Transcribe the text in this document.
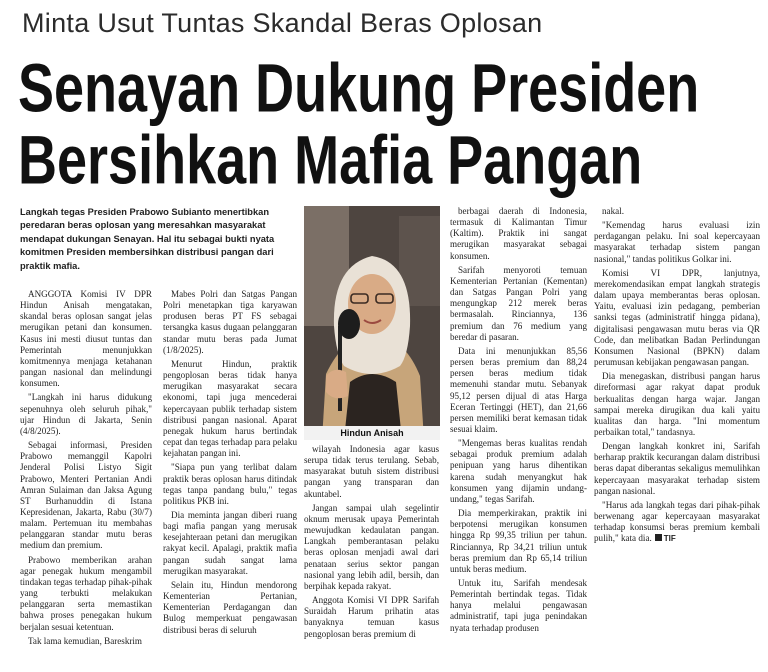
Minta Usut Tuntas Skandal Beras Oplosan
Senayan Dukung Presiden
Bersihkan Mafia Pangan
Langkah tegas Presiden Prabowo Subianto menertibkan peredaran beras oplosan yang meresahkan masyarakat mendapat dukungan Senayan. Hal itu sebagai bukti nyata komitmen Presiden membersihkan distribusi pangan dari praktik mafia.

ANGGOTA Komisi IV DPR Hindun Anisah mengatakan, skandal beras oplosan sangat jelas merugikan petani dan konsumen. Kasus ini mesti diusut tuntas dan Pemerintah menunjukkan komitmennya menjaga ketahanan pangan nasional dan melindungi konsumen.

"Langkah ini harus didukung sepenuhnya oleh seluruh pihak," ujar Hindun di Jakarta, Senin (4/8/2025).

Sebagai informasi, Presiden Prabowo memanggil Kapolri Jenderal Polisi Listyo Sigit Prabowo, Menteri Pertanian Andi Amran Sulaiman dan Jaksa Agung ST Burhanuddin di Istana Kepresidenan, Jakarta, Rabu (30/7) malam. Pertemuan itu membahas pelanggaran standar mutu beras medium dan premium.

Prabowo memberikan arahan agar penegak hukum mengambil tindakan tegas terhadap pihak-pihak yang terbukti melakukan pelanggaran serta memastikan bahwa proses penegakan hukum berjalan sesuai ketentuan.

Tak lama kemudian, Bareskrim

Mabes Polri dan Satgas Pangan Polri menetapkan tiga karyawan produsen beras PT FS sebagai tersangka kasus dugaan pelanggaran standar mutu beras pada Jumat (1/8/2025).

Menurut Hindun, praktik pengoplosan beras tidak hanya merugikan masyarakat secara ekonomi, tapi juga mencederai kepercayaan publik terhadap sistem distribusi pangan nasional. Aparat penegak hukum harus bertindak cepat dan tegas terhadap para pelaku kejahatan pangan ini.

"Siapa pun yang terlibat dalam praktik beras oplosan harus ditindak tegas tanpa pandang bulu," tegas politikus PKB ini.

Dia meminta jangan diberi ruang bagi mafia pangan yang merusak kesejahteraan petani dan merugikan rakyat kecil. Apalagi, praktik mafia pangan sudah sangat lama merugikan masyarakat.

Selain itu, Hindun mendorong Kementerian Pertanian, Kementerian Perdagangan dan Bulog memperkuat pengawasan distribusi beras di seluruh

Hindun Anisah

wilayah Indonesia agar kasus serupa tidak terus terulang. Sebab, masyarakat butuh sistem distribusi pangan yang transparan dan akuntabel.

Jangan sampai ulah segelintir oknum merusak upaya Pemerintah mewujudkan kedaulatan pangan. Langkah pemberantasan pelaku beras oplosan menjadi awal dari penataan serius sektor pangan nasional yang lebih adil, bersih, dan berpihak kepada rakyat.

Anggota Komisi VI DPR Sarifah Suraidah Harum prihatin atas banyaknya temuan kasus pengoplosan beras premium di

berbagai daerah di Indonesia, termasuk di Kalimantan Timur (Kaltim). Praktik ini sangat merugikan masyarakat sebagai konsumen.

Sarifah menyoroti temuan Kementerian Pertanian (Kementan) dan Satgas Pangan Polri yang mengungkap 212 merek beras bermasalah. Rinciannya, 136 premium dan 76 medium yang beredar di pasaran.

Data ini menunjukkan 85,56 persen beras premium dan 88,24 persen beras medium tidak memenuhi standar mutu. Sebanyak 95,12 persen dijual di atas Harga Eceran Tertinggi (HET), dan 21,66 persen memiliki berat kemasan tidak sesuai klaim.

"Mengemas beras kualitas rendah sebagai produk premium adalah penipuan yang harus dihentikan karena sudah menyangkut hak konsumen yang dijamin undang-undang," tegas Sarifah.

Dia memperkirakan, praktik ini berpotensi merugikan konsumen hingga Rp 99,35 triliun per tahun. Rinciannya, Rp 34,21 triliun untuk beras premium dan Rp 65,14 triliun untuk beras medium.

Untuk itu, Sarifah mendesak Pemerintah bertindak tegas. Tidak hanya melalui pengawasan administratif, tapi juga penindakan nyata terhadap produsen

nakal.

"Kemendag harus evaluasi izin perdagangan pelaku. Ini soal kepercayaan masyarakat terhadap sistem pangan nasional," tandas politikus Golkar ini.

Komisi VI DPR, lanjutnya, merekomendasikan empat langkah strategis dalam upaya memberantas beras oplosan. Yaitu, evaluasi izin pedagang, pemberian sanksi tegas (administratif hingga pidana), digitalisasi pengawasan mutu beras via QR Code, dan melibatkan Badan Perlindungan Konsumen Nasional (BPKN) dalam perumusan kebijakan pengawasan pangan.

Dia menegaskan, distribusi pangan harus direformasi agar rakyat dapat produk berkualitas dengan harga wajar. Jangan sampai mereka dirugikan dua kali yaitu kualitas dan harga. "Ini momentum perbaikan total," tandasnya.

Dengan langkah konkret ini, Sarifah berharap praktik kecurangan dalam distribusi beras dapat diberantas sekaligus memulihkan kepercayaan masyarakat terhadap sistem pangan nasional.

"Harus ada langkah tegas dari pihak-pihak berwenang agar kepercayaan masyarakat terhadap konsumsi beras premium kembali pulih," kata dia. TIF
